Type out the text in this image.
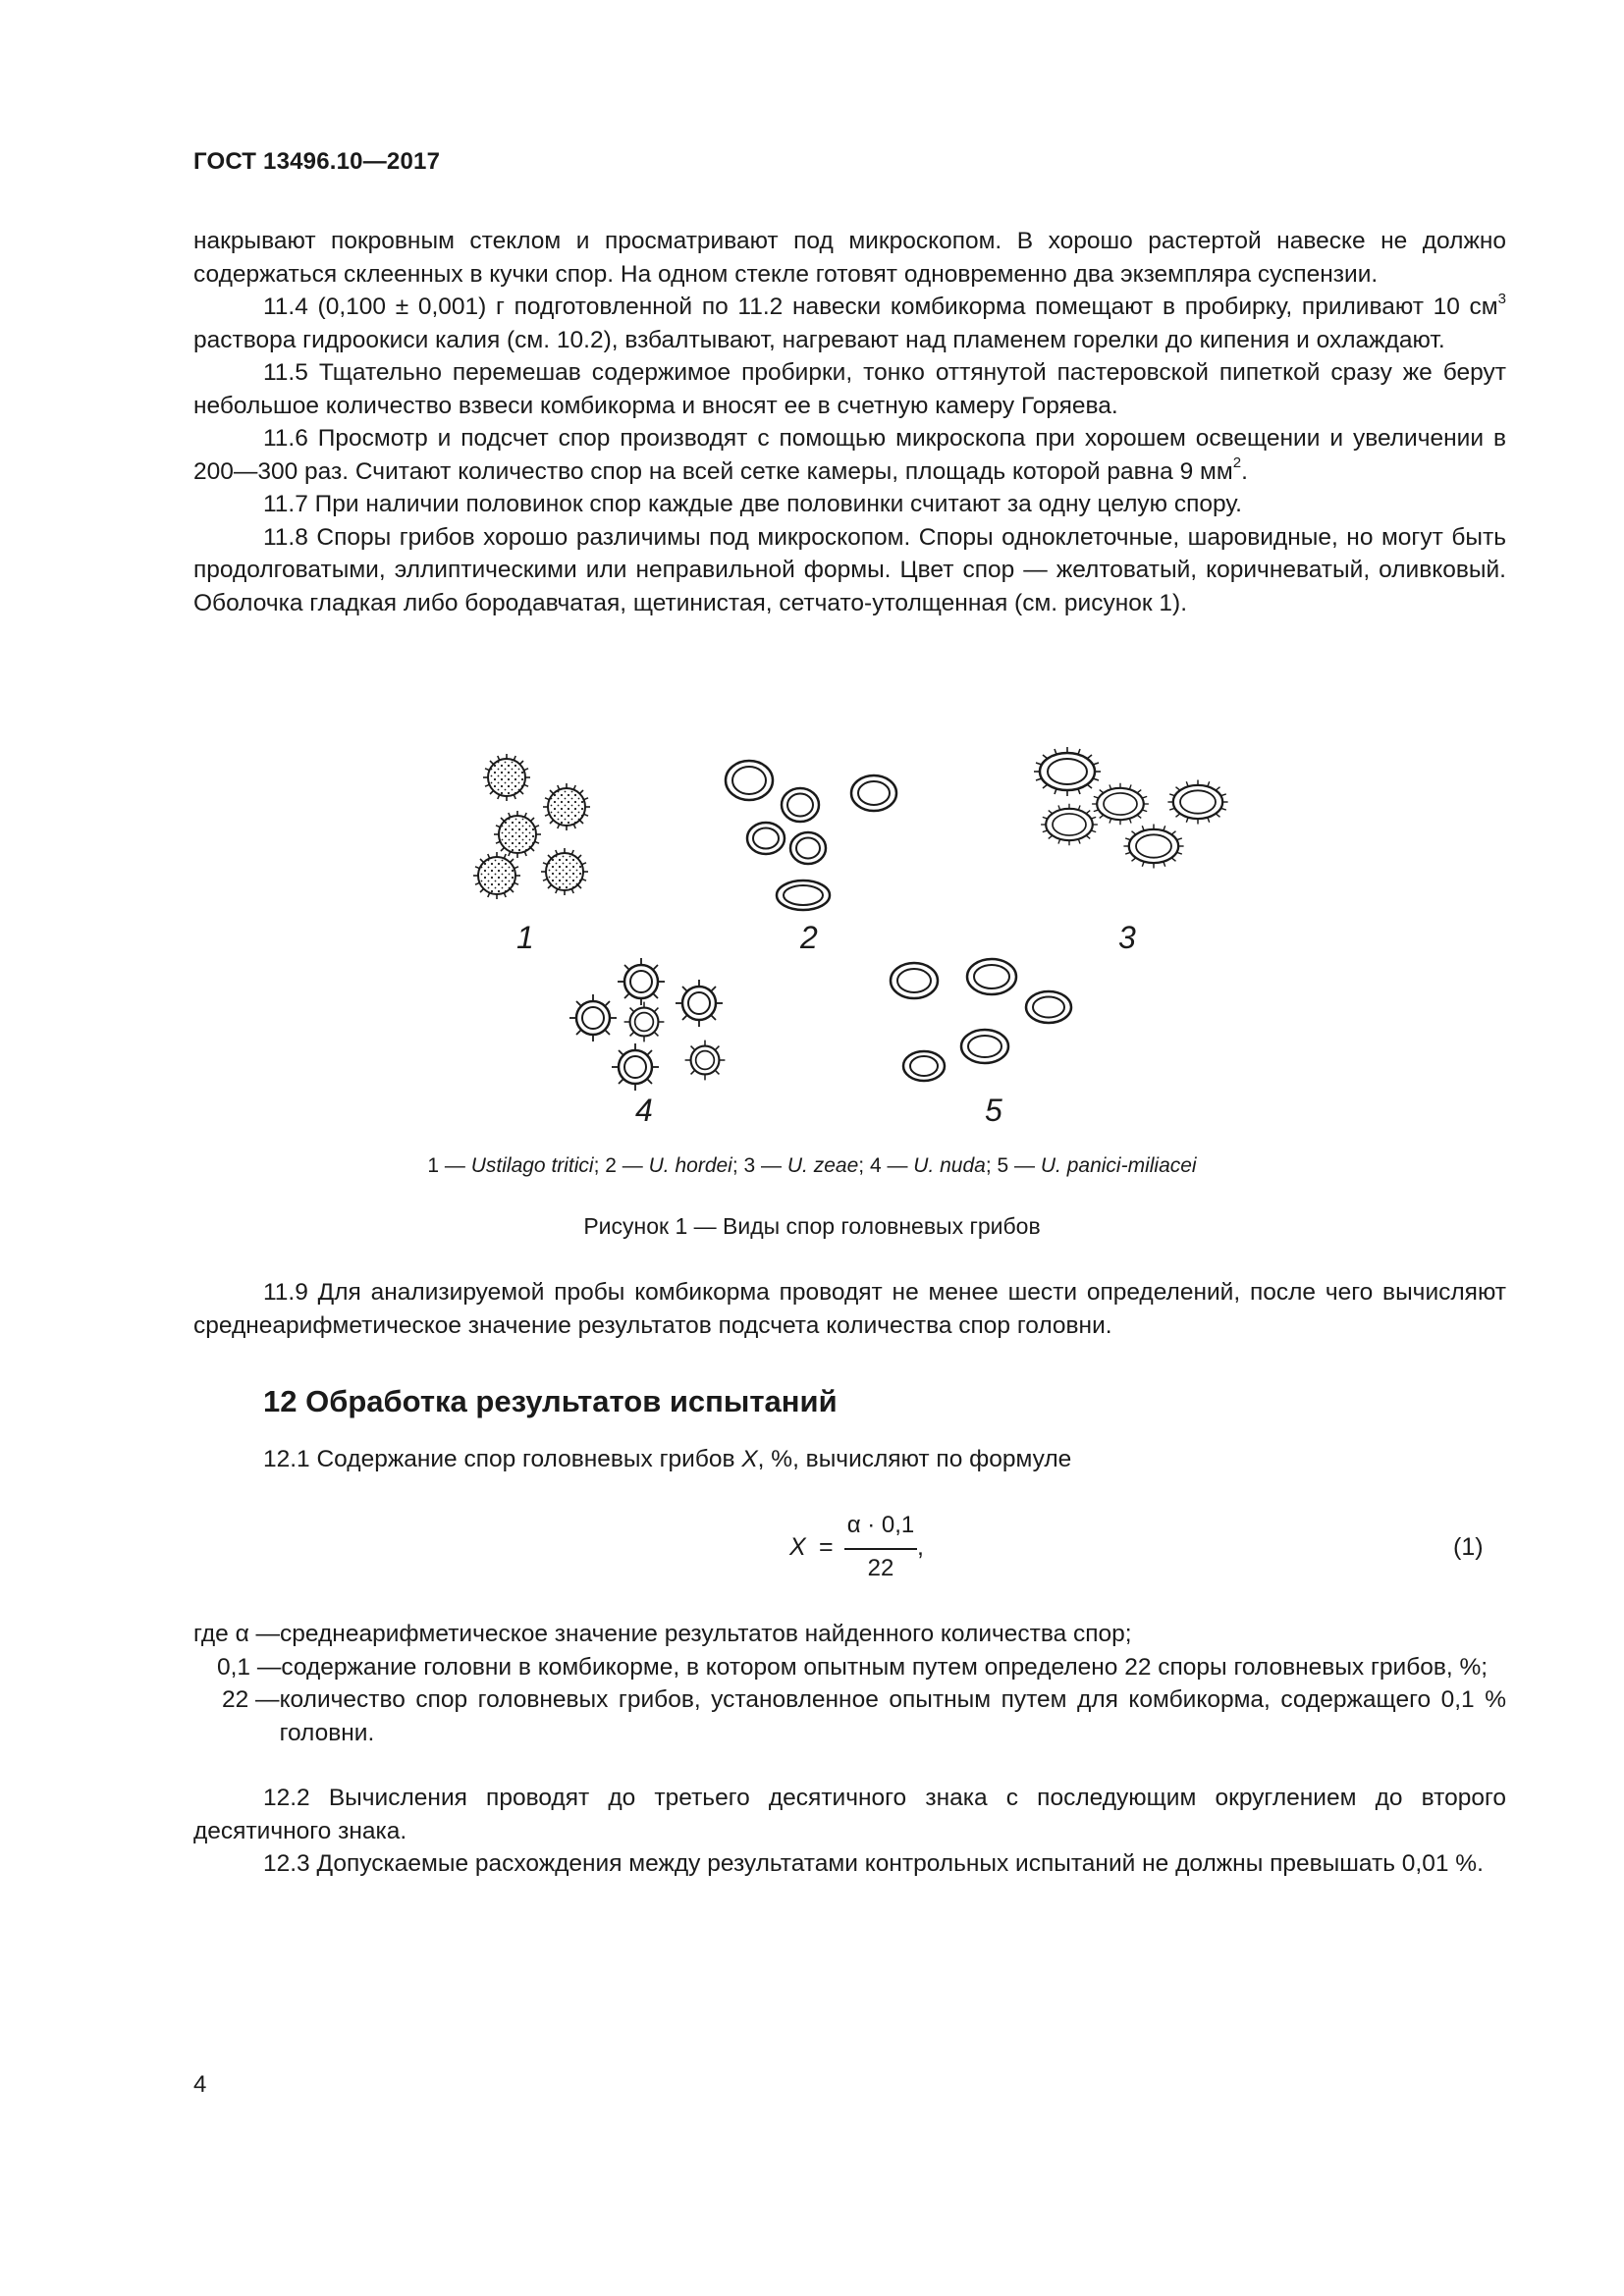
ГОСТ 13496.10—2017

накрывают покровным стеклом и просматривают под микроскопом. В хорошо растертой навеске не должно содержаться склеенных в кучки спор. На одном стекле готовят одновременно два экземпляра суспензии.

11.4 (0,100 ± 0,001) г подготовленной по 11.2 навески комбикорма помещают в пробирку, приливают 10 $см^3$ раствора гидроокиси калия (см. 10.2), взбалтывают, нагревают над пламенем горелки до кипения и охлаждают.

11.5 Тщательно перемешав содержимое пробирки, тонко оттянутой пастеровской пипеткой сразу же берут небольшое количество взвеси комбикорма и вносят ее в счетную камеру Горяева.

11.6 Просмотр и подсчет спор производят с помощью микроскопа при хорошем освещении и увеличении в 200—300 раз. Считают количество спор на всей сетке камеры, площадь которой равна 9 $мм^2$.

11.7 При наличии половинок спор каждые две половинки считают за одну целую спору.

11.8 Споры грибов хорошо различимы под микроскопом. Споры одноклеточные, шаровидные, но могут быть продолговатыми, эллиптическими или неправильной формы. Цвет спор — желтоватый, коричневатый, оливковый. Оболочка гладкая либо бородавчатая, щетинистая, сетчато-утолщенная (см. рисунок 1).

1	2	3
4	5
1 — Ustilago tritici; 2 — U. hordei; 3 — U. zeae; 4 — U. nuda; 5 — U. panici-miliacei
Рисунок 1 — Виды спор головневых грибов

11.9 Для анализируемой пробы комбикорма проводят не менее шести определений, после чего вычисляют среднеарифметическое значение результатов подсчета количества спор головни.

12 Обработка результатов испытаний

12.1 Содержание спор головневых грибов X, %, вычисляют по формуле

X =
α · 0,1
22
,	(1)
где α — среднеарифметическое значение результатов найденного количества спор;
0,1 — содержание головни в комбикорме, в котором опытным путем определено 22 споры головневых грибов, %;
22 — количество спор головневых грибов, установленное опытным путем для комбикорма, содержащего 0,1 % головни.

12.2 Вычисления проводят до третьего десятичного знака с последующим округлением до второго десятичного знака.

12.3 Допускаемые расхождения между результатами контрольных испытаний не должны превышать 0,01 %.

4
